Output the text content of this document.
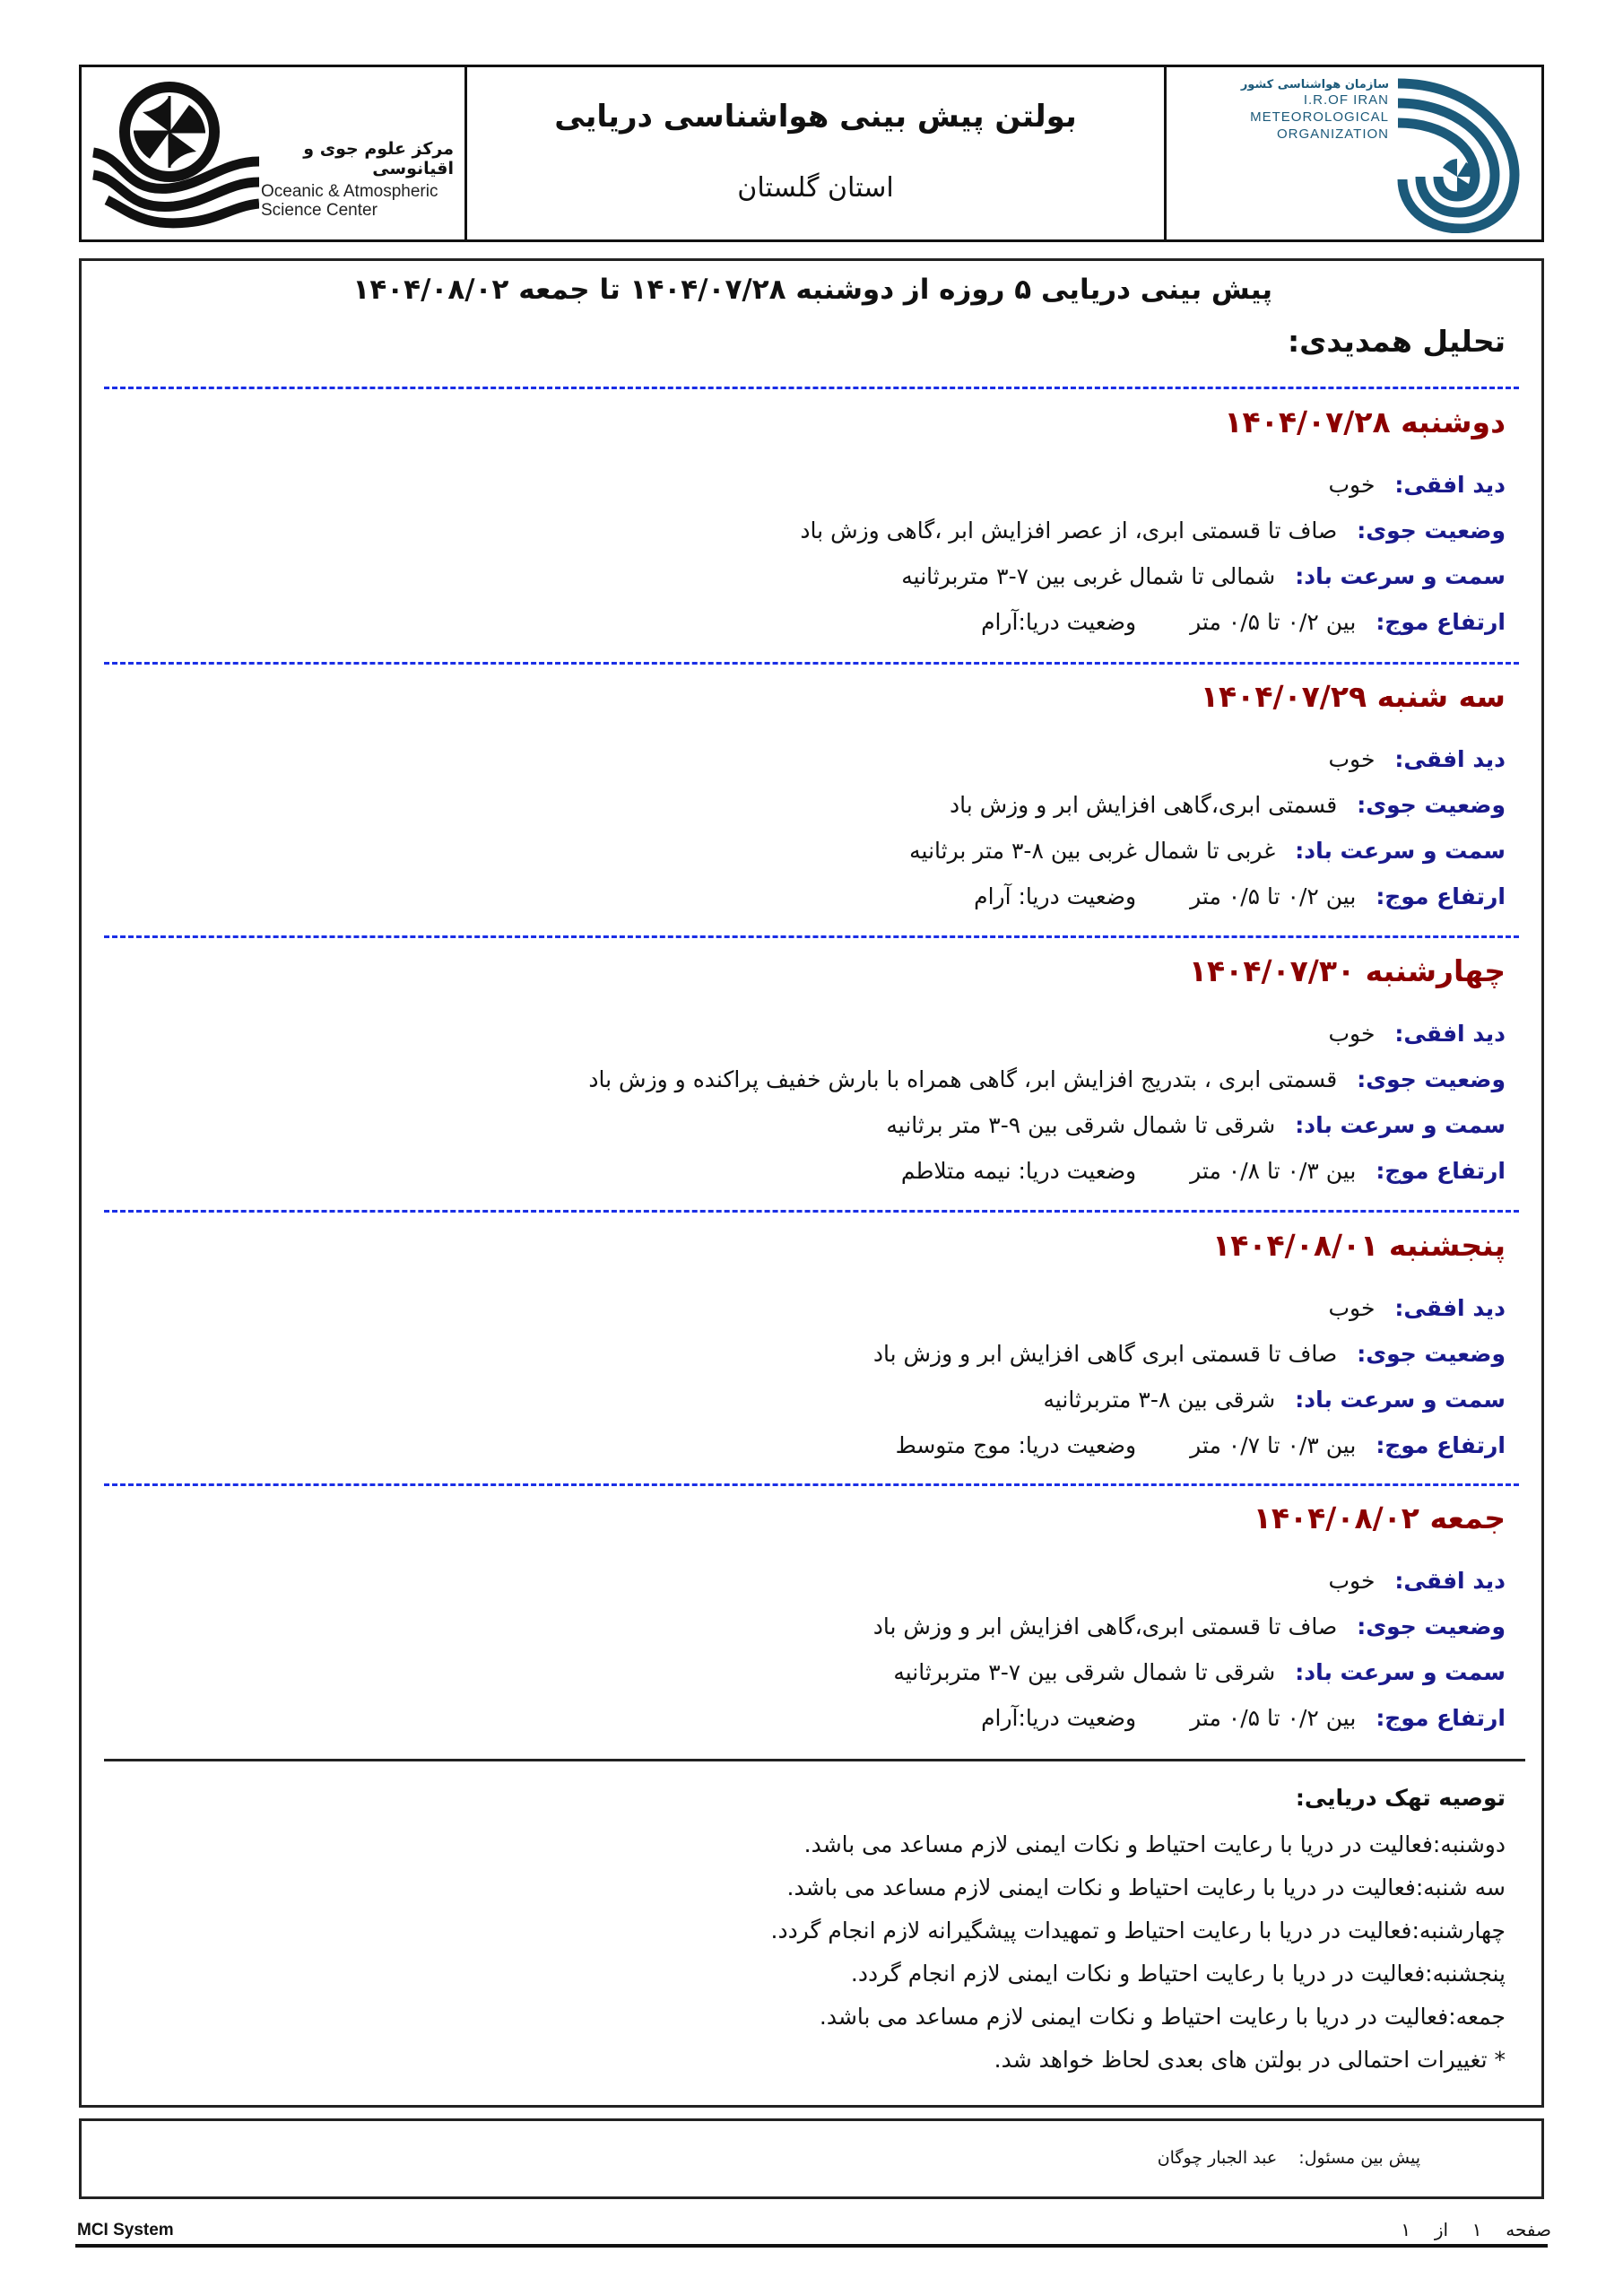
مرکز علوم جوی و اقیانوسی
Oceanic & Atmospheric
Science Center
بولتن پیش بینی هواشناسی دریایی
استان گلستان
سازمان هواشناسی کشور
I.R.OF IRAN
METEOROLOGICAL
ORGANIZATION
پیش بینی دریایی ۵ روزه از دوشنبه ۱۴۰۴/۰۷/۲۸ تا جمعه ۱۴۰۴/۰۸/۰۲
تحلیل همدیدی:
دوشنبه ۱۴۰۴/۰۷/۲۸
دید افقی:خوب
وضعیت جوی:صاف تا قسمتی ابری، از عصر افزایش ابر ،گاهی وزش باد
سمت و سرعت باد:شمالی تا شمال غربی بین ۷-۳ متربرثانیه
ارتفاع موج:بین ۰/۲ تا ۰/۵ متروضعیت دریا:آرام
سه شنبه ۱۴۰۴/۰۷/۲۹
دید افقی:خوب
وضعیت جوی:قسمتی ابری،گاهی افزایش ابر و وزش باد
سمت و سرعت باد:غربی تا شمال غربی بین ۸-۳ متر برثانیه
ارتفاع موج:بین ۰/۲ تا ۰/۵ متروضعیت دریا: آرام
چهارشنبه ۱۴۰۴/۰۷/۳۰
دید افقی:خوب
وضعیت جوی:قسمتی ابری ، بتدریج افزایش ابر، گاهی همراه با بارش خفیف پراکنده و وزش باد
سمت و سرعت باد:شرقی تا شمال شرقی بین ۹-۳ متر برثانیه
ارتفاع موج:بین ۰/۳ تا ۰/۸ متروضعیت دریا: نیمه متلاطم
پنجشنبه ۱۴۰۴/۰۸/۰۱
دید افقی:خوب
وضعیت جوی:صاف تا قسمتی ابری گاهی افزایش ابر و وزش باد
سمت و سرعت باد:شرقی بین ۸-۳ متربرثانیه
ارتفاع موج:بین ۰/۳ تا ۰/۷ متروضعیت دریا: موج متوسط
جمعه ۱۴۰۴/۰۸/۰۲
دید افقی:خوب
وضعیت جوی:صاف تا قسمتی ابری،گاهی افزایش ابر و وزش باد
سمت و سرعت باد:شرقی تا شمال شرقی بین ۷-۳ متربرثانیه
ارتفاع موج:بین ۰/۲ تا ۰/۵ متروضعیت دریا:آرام
توصیه تهک دریایی:
دوشنبه:فعالیت در دریا با رعایت احتیاط و نکات ایمنی لازم مساعد می باشد.
سه شنبه:فعالیت در دریا با رعایت احتیاط و نکات ایمنی لازم مساعد می باشد.
چهارشنبه:فعالیت در دریا با رعایت احتیاط و تمهیدات پیشگیرانه لازم انجام گردد.
پنجشنبه:فعالیت در دریا با رعایت احتیاط و نکات ایمنی لازم انجام گردد.
جمعه:فعالیت در دریا با رعایت احتیاط و نکات ایمنی لازم مساعد می باشد.
* تغییرات احتمالی در بولتن های بعدی لحاظ خواهد شد.
پیش بین مسئول:  عبد الجبار چوگان
MCI System	صفحه  ۱  از  ۱
